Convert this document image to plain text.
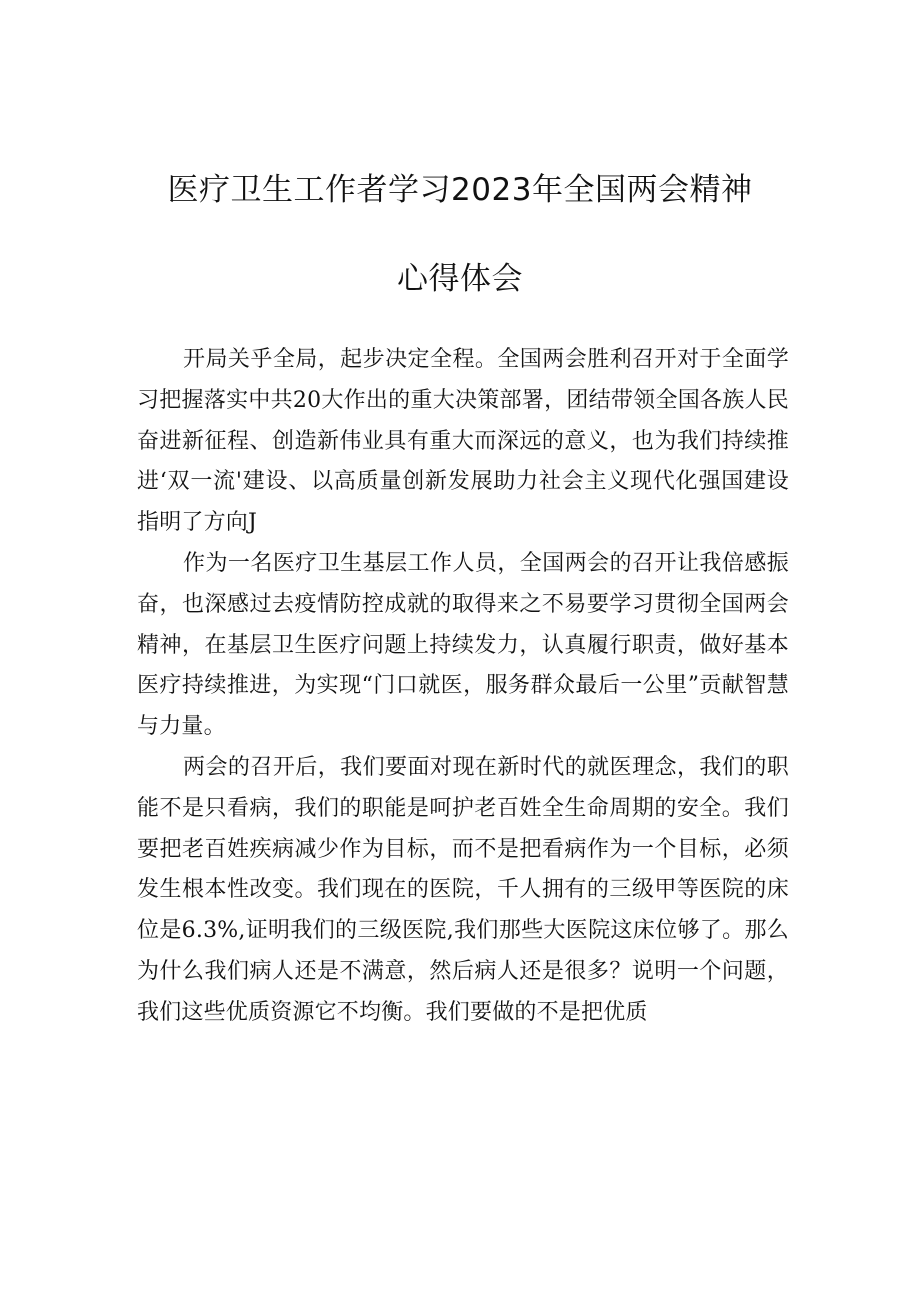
医疗卫生工作者学习2023年全国两会精神
心得体会

开局关乎全局，起步决定全程。全国两会胜利召开对于全面学习把握落实中共20大作出的重大决策部署，团结带领全国各族人民奋进新征程、创造新伟业具有重大而深远的意义，也为我们持续推进‘双一流'建设、以高质量创新发展助力社会主义现代化强国建设指明了方向J

作为一名医疗卫生基层工作人员，全国两会的召开让我倍感振奋，也深感过去疫情防控成就的取得来之不易要学习贯彻全国两会精神，在基层卫生医疗问题上持续发力，认真履行职责，做好基本医疗持续推进，为实现“门口就医，服务群众最后一公里”贡献智慧与力量。

两会的召开后，我们要面对现在新时代的就医理念，我们的职能不是只看病，我们的职能是呵护老百姓全生命周期的安全。我们要把老百姓疾病减少作为目标，而不是把看病作为一个目标，必须发生根本性改变。我们现在的医院，千人拥有的三级甲等医院的床位是6.3%,证明我们的三级医院,我们那些大医院这床位够了。那么为什么我们病人还是不满意，然后病人还是很多？说明一个问题，我们这些优质资源它不均衡。我们要做的不是把优质
